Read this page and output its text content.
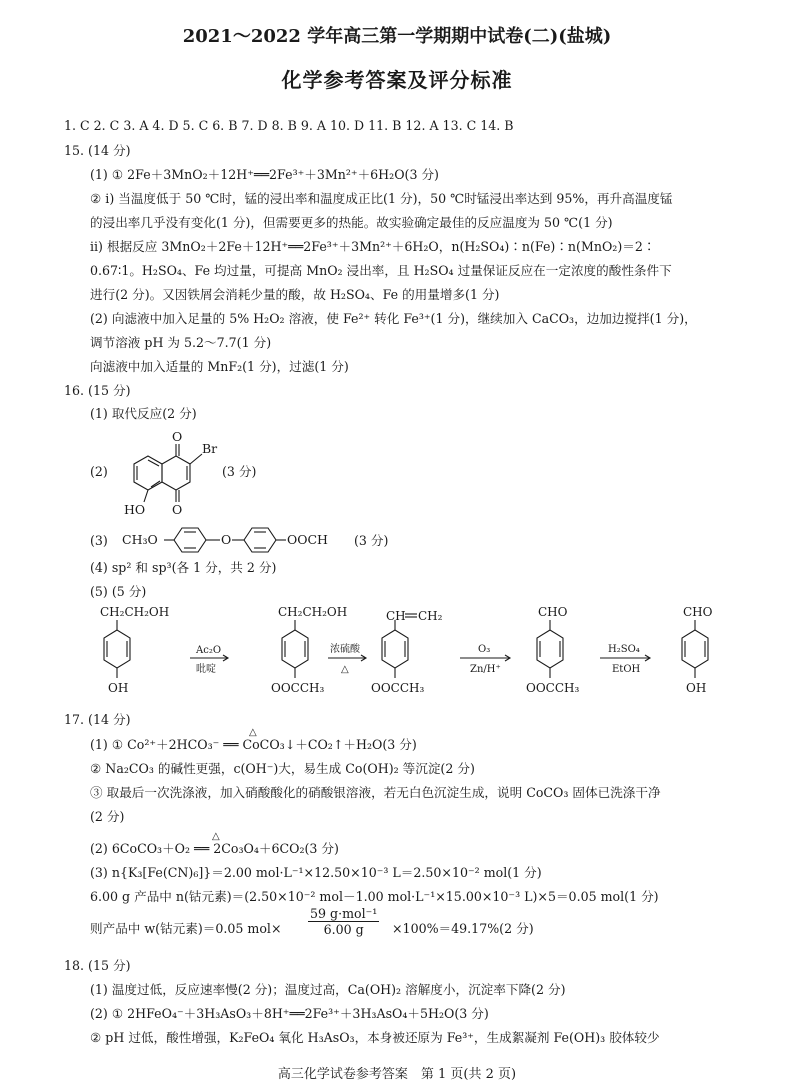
2021～2022 学年高三第一学期期中试卷(二)(盐城)
化学参考答案及评分标准
1. C 2. C 3. A 4. D 5. C 6. B 7. D 8. B 9. A 10. D 11. B 12. A 13. C 14. B
15. (14 分)
(1) ① 2Fe＋3MnO₂＋12H⁺══2Fe³⁺＋3Mn²⁺＋6H₂O(3 分)
② ⅰ) 当温度低于 50 ℃时，锰的浸出率和温度成正比(1 分)，50 ℃时锰浸出率达到 95%，再升高温度锰
的浸出率几乎没有变化(1 分)，但需要更多的热能。故实验确定最佳的反应温度为 50 ℃(1 分)
ⅱ) 根据反应 3MnO₂＋2Fe＋12H⁺══2Fe³⁺＋3Mn²⁺＋6H₂O，n(H₂SO₄)∶n(Fe)∶n(MnO₂)＝2∶
0.67∶1。H₂SO₄、Fe 均过量，可提高 MnO₂ 浸出率，且 H₂SO₄ 过量保证反应在一定浓度的酸性条件下
进行(2 分)。又因铁屑会消耗少量的酸，故 H₂SO₄、Fe 的用量增多(1 分)
(2) 向滤液中加入足量的 5% H₂O₂ 溶液，使 Fe²⁺ 转化 Fe³⁺(1 分)，继续加入 CaCO₃，边加边搅拌(1 分)，
调节溶液 pH 为 5.2～7.7(1 分)
向滤液中加入适量的 MnF₂(1 分)，过滤(1 分)
16. (15 分)
(1) 取代反应(2 分)
(2)
O
Br
O
HO
(3 分)
(3) CH₃O	O	OOCH (3 分)
(4) sp² 和 sp³(各 1 分，共 2 分)
(5) (5 分)
CH₂CH₂OH
OH
Ac₂O
吡啶
CH₂CH₂OH
OOCCH₃
浓硫酸
△
CH CH₂
OOCCH₃
O₃
Zn/H⁺
CHO
OOCCH₃
H₂SO₄
EtOH
CHO
OH
17. (14 分)
△
(1) ① Co²⁺＋2HCO₃⁻ ══ CoCO₃↓＋CO₂↑＋H₂O(3 分)
② Na₂CO₃ 的碱性更强，c(OH⁻)大，易生成 Co(OH)₂ 等沉淀(2 分)
③ 取最后一次洗涤液，加入硝酸酸化的硝酸银溶液，若无白色沉淀生成，说明 CoCO₃ 固体已洗涤干净
(2 分)
△
(2) 6CoCO₃＋O₂ ══ 2Co₃O₄＋6CO₂(3 分)
(3) n{K₃[Fe(CN)₆]}＝2.00 mol·L⁻¹×12.50×10⁻³ L＝2.50×10⁻² mol(1 分)
6.00 g 产品中 n(钴元素)＝(2.50×10⁻² mol－1.00 mol·L⁻¹×15.00×10⁻³ L)×5＝0.05 mol(1 分)
则产品中 w(钴元素)＝0.05 mol×
59 g·mol⁻¹
6.00 g	×100%＝49.17%(2 分)
18. (15 分)
(1) 温度过低，反应速率慢(2 分)；温度过高，Ca(OH)₂ 溶解度小，沉淀率下降(2 分)
(2) ① 2HFeO₄⁻＋3H₃AsO₃＋8H⁺══2Fe³⁺＋3H₃AsO₄＋5H₂O(3 分)
② pH 过低，酸性增强，K₂FeO₄ 氧化 H₃AsO₃，本身被还原为 Fe³⁺，生成絮凝剂 Fe(OH)₃ 胶体较少
高三化学试卷参考答案　第 1 页(共 2 页)
